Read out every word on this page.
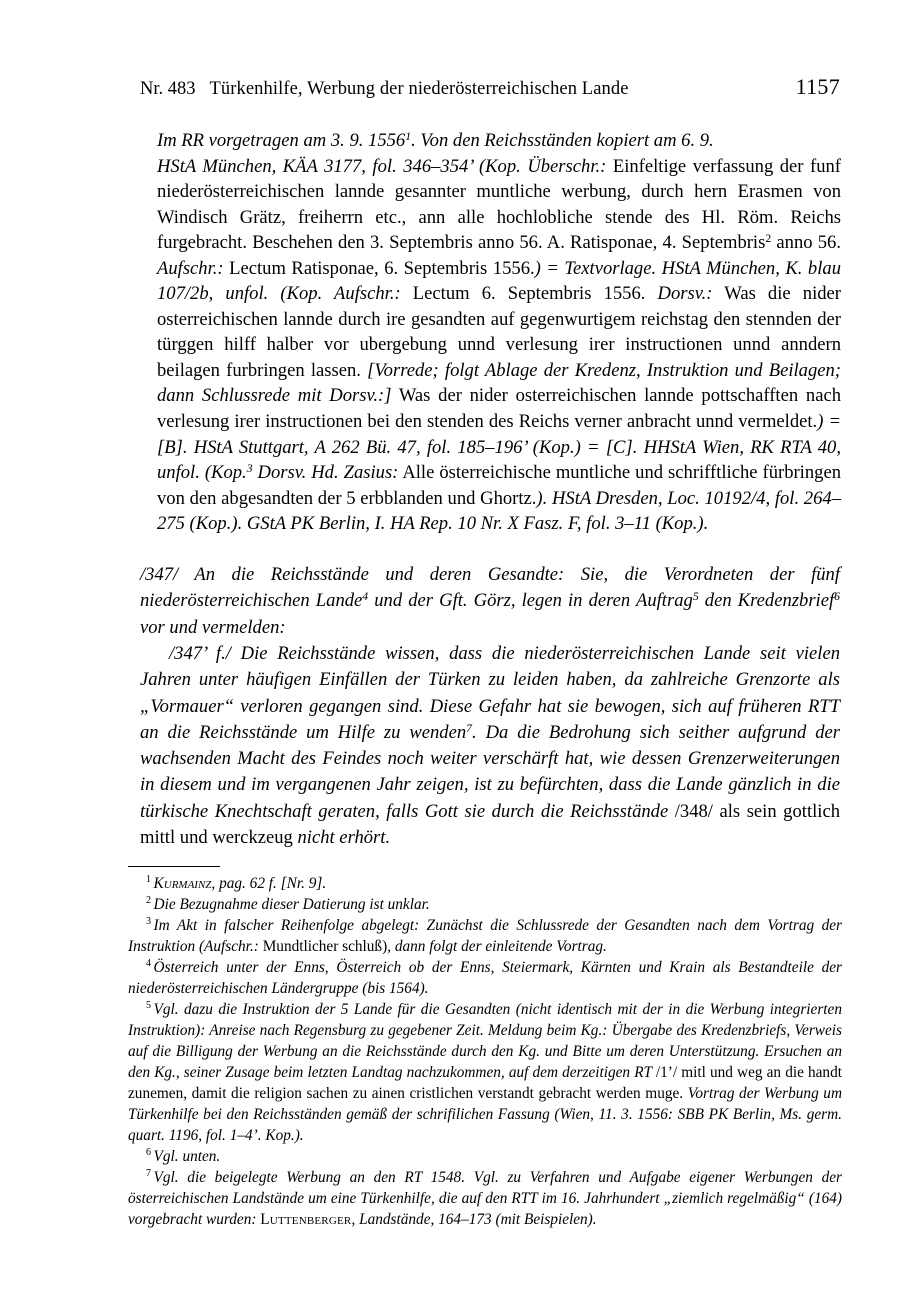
Nr. 483 Türkenhilfe, Werbung der niederösterreichischen Lande	1157
Im RR vorgetragen am 3. 9. 1556$^1$. Von den Reichsständen kopiert am 6. 9.
HStA München, KÄA 3177, fol. 346–354’ (Kop. Überschr.: Einfeltige verfassung der funf niederösterreichischen lannde gesannter muntliche werbung, durch hern Erasmen von Windisch Grätz, freiherrn etc., ann alle hochlobliche stende des Hl. Röm. Reichs furgebracht. Beschehen den 3. Septembris anno 56. A. Ratisponae, 4. Septembris$^2$ anno 56. Aufschr.: Lectum Ratisponae, 6. Septembris 1556.) = Textvorlage. HStA München, K. blau 107/2b, unfol. (Kop. Aufschr.: Lectum 6. Septembris 1556. Dorsv.: Was die nider osterreichischen lannde durch ire gesandten auf gegenwurtigem reichstag den stennden der türggen hilff halber vor ubergebung unnd verlesung irer instructionen unnd anndern beilagen furbringen lassen. [Vorrede; folgt Ablage der Kredenz, Instruktion und Beilagen; dann Schlussrede mit Dorsv.:] Was der nider osterreichischen lannde pottschafften nach verlesung irer instructionen bei den stenden des Reichs verner anbracht unnd vermeldet.) = [B]. HStA Stuttgart, A 262 Bü. 47, fol. 185–196’ (Kop.) = [C]. HHStA Wien, RK RTA 40, unfol. (Kop.$^3$ Dorsv. Hd. Zasius: Alle österreichische muntliche und schrifftliche fürbringen von den abgesandten der 5 erbblanden und Ghortz.). HStA Dresden, Loc. 10192/4, fol. 264–275 (Kop.). GStA PK Berlin, I. HA Rep. 10 Nr. X Fasz. F, fol. 3–11 (Kop.).
/347/ An die Reichsstände und deren Gesandte: Sie, die Verordneten der fünf niederösterreichischen Lande$^4$ und der Gft. Görz, legen in deren Auftrag$^5$ den Kredenzbrief$^6$ vor und vermelden:
/347’ f./ Die Reichsstände wissen, dass die niederösterreichischen Lande seit vielen Jahren unter häufigen Einfällen der Türken zu leiden haben, da zahlreiche Grenzorte als „Vormauer“ verloren gegangen sind. Diese Gefahr hat sie bewogen, sich auf früheren RTT an die Reichsstände um Hilfe zu wenden$^7$. Da die Bedrohung sich seither aufgrund der wachsenden Macht des Feindes noch weiter verschärft hat, wie dessen Grenzerweiterungen in diesem und im vergangenen Jahr zeigen, ist zu befürchten, dass die Lande gänzlich in die türkische Knechtschaft geraten, falls Gott sie durch die Reichsstände /348/ als sein gottlich mittl und werckzeug nicht erhört.

$^1$ Kurmainz, pag. 62 f. [Nr. 9].

$^2$ Die Bezugnahme dieser Datierung ist unklar.

$^3$ Im Akt in falscher Reihenfolge abgelegt: Zunächst die Schlussrede der Gesandten nach dem Vortrag der Instruktion (Aufschr.: Mundtlicher schluß), dann folgt der einleitende Vortrag.

$^4$ Österreich unter der Enns, Österreich ob der Enns, Steiermark, Kärnten und Krain als Bestandteile der niederösterreichischen Ländergruppe (bis 1564).

$^5$ Vgl. dazu die Instruktion der 5 Lande für die Gesandten (nicht identisch mit der in die Werbung integrierten Instruktion): Anreise nach Regensburg zu gegebener Zeit. Meldung beim Kg.: Übergabe des Kredenzbriefs, Verweis auf die Billigung der Werbung an die Reichsstände durch den Kg. und Bitte um deren Unterstützung. Ersuchen an den Kg., seiner Zusage beim letzten Landtag nachzukommen, auf dem derzeitigen RT /1’/ mitl und weg an die handt zunemen, damit die religion sachen zu ainen cristlichen verstandt gebracht werden muge. Vortrag der Werbung um Türkenhilfe bei den Reichsständen gemäß der schrifilichen Fassung (Wien, 11. 3. 1556: SBB PK Berlin, Ms. germ. quart. 1196, fol. 1–4’. Kop.).

$^6$ Vgl. unten.

$^7$ Vgl. die beigelegte Werbung an den RT 1548. Vgl. zu Verfahren und Aufgabe eigener Werbungen der österreichischen Landstände um eine Türkenhilfe, die auf den RTT im 16. Jahrhundert „ziemlich regelmäßig“ (164) vorgebracht wurden: Luttenberger, Landstände, 164–173 (mit Beispielen).
